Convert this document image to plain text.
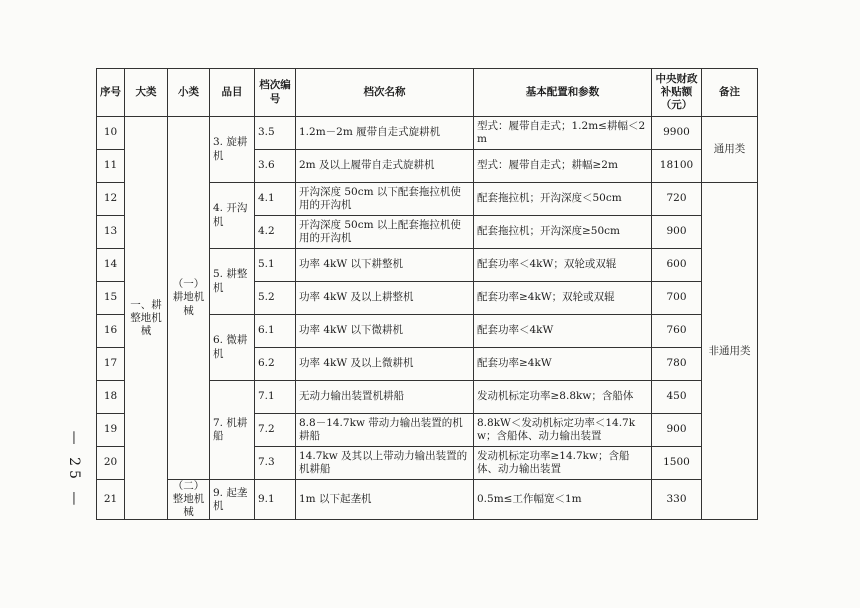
序号	大类	小类	品目	档次编号	档次名称	基本配置和参数	中央财政补贴额（元）	备注
10	一、耕整地机械	（一）耕地机械	3. 旋耕机	3.5	1.2m－2m 履带自走式旋耕机	型式：履带自走式；1.2m≤耕幅＜2m	9900	通用类
11				3.6	2m 及以上履带自走式旋耕机	型式：履带自走式；耕幅≥2m	18100	
12			4. 开沟机	4.1	开沟深度 50cm 以下配套拖拉机使用的开沟机	配套拖拉机；开沟深度＜50cm	720	非通用类
13				4.2	开沟深度 50cm 以上配套拖拉机使用的开沟机	配套拖拉机；开沟深度≥50cm	900	
14			5. 耕整机	5.1	功率 4kW 以下耕整机	配套功率＜4kW；双轮或双辊	600	
15				5.2	功率 4kW 及以上耕整机	配套功率≥4kW；双轮或双辊	700	
16			6. 微耕机	6.1	功率 4kW 以下微耕机	配套功率＜4kW	760	
17				6.2	功率 4kW 及以上微耕机	配套功率≥4kW	780	
18			7. 机耕船	7.1	无动力输出装置机耕船	发动机标定功率≥8.8kw；含船体	450	
19				7.2	8.8－14.7kw 带动力输出装置的机耕船	8.8kW＜发动机标定功率＜14.7kw；含船体、动力输出装置	900	
20				7.3	14.7kw 及其以上带动力输出装置的机耕船	发动机标定功率≥14.7kw；含船体、动力输出装置	1500	
21		（二）整地机械	9. 起垄机	9.1	1m 以下起垄机	0.5m≤工作幅宽＜1m	330	
— 25 —
